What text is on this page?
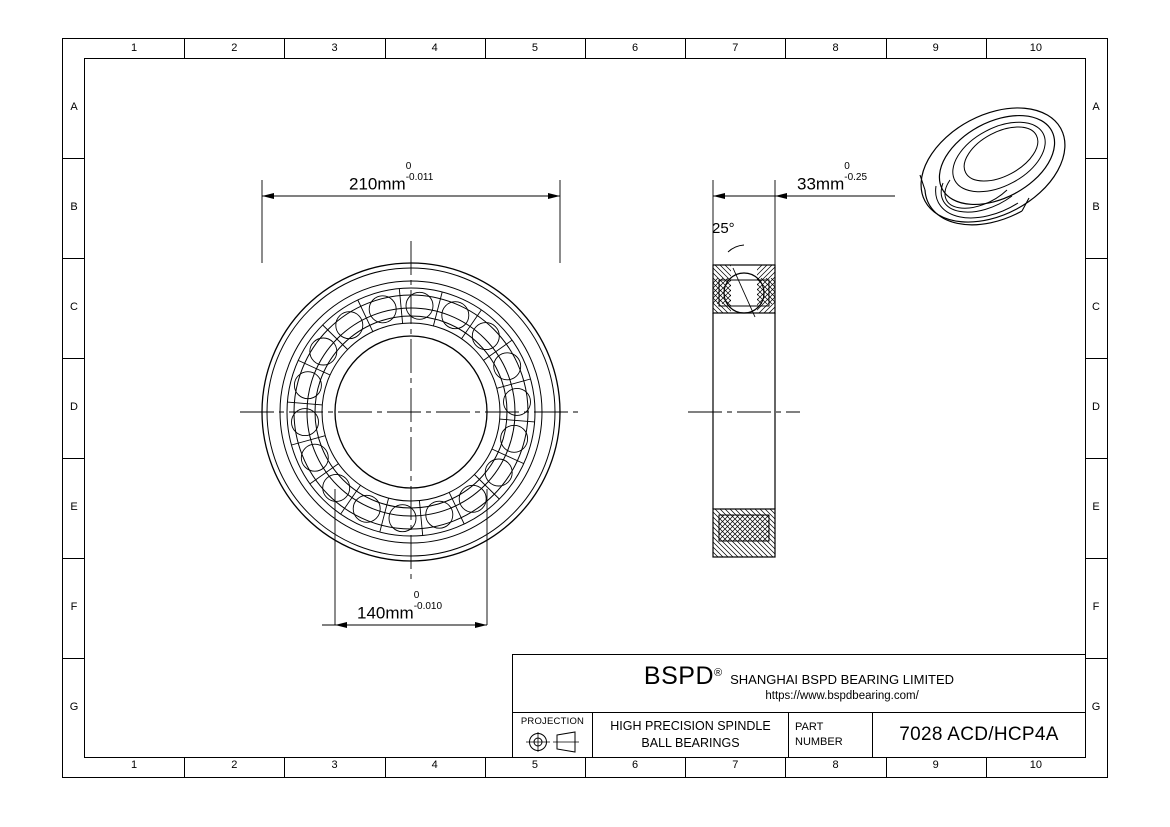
1
1
2
2
3
3
4
4
5
5
6
6
7
7
8
8
9
9
10
10
A	A
B	B
C	C
D	D
E	E
F	F
G	G
210mm
0
-0.011
140mm
0
-0.010
33mm
0
-0.25
25°
BSPD ® SHANGHAI BSPD BEARING LIMITED
https://www.bspdbearing.com/
PROJECTION HIGH PRECISION SPINDLE
BALL BEARINGS
PART
NUMBER	7028 ACD/HCP4A
